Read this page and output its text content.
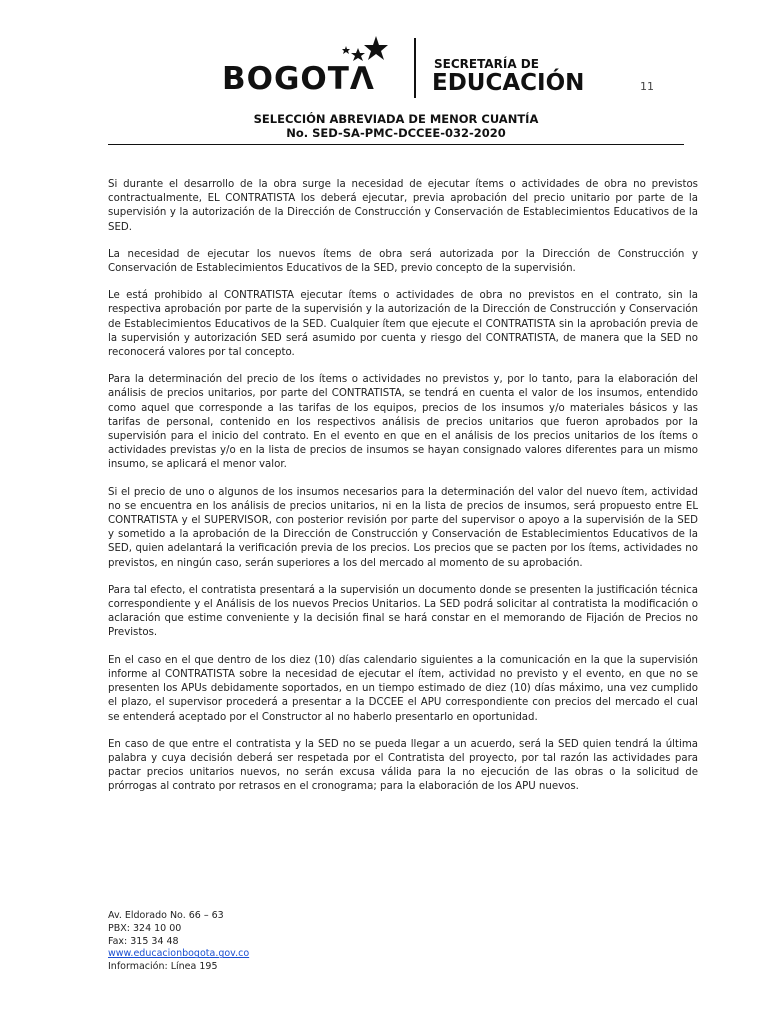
BOGOTΛ	SECRETARÍA DE
EDUCACIÓN	11
SELECCIÓN ABREVIADA DE MENOR CUANTÍA
No. SED-SA-PMC-DCCEE-032-2020

Si durante el desarrollo de la obra surge la necesidad de ejecutar ítems o actividades de obra no previstos contractualmente, EL CONTRATISTA los deberá ejecutar, previa aprobación del precio unitario por parte de la supervisión y la autorización de la Dirección de Construcción y Conservación de Establecimientos Educativos de la SED.

La necesidad de ejecutar los nuevos ítems de obra será autorizada por la Dirección de Construcción y Conservación de Establecimientos Educativos de la SED, previo concepto de la supervisión.

Le está prohibido al CONTRATISTA ejecutar ítems o actividades de obra no previstos en el contrato, sin la respectiva aprobación por parte de la supervisión y la autorización de la Dirección de Construcción y Conservación de Establecimientos Educativos de la SED. Cualquier ítem que ejecute el CONTRATISTA sin la aprobación previa de la supervisión y autorización SED será asumido por cuenta y riesgo del CONTRATISTA, de manera que la SED no reconocerá valores por tal concepto.

Para la determinación del precio de los ítems o actividades no previstos y, por lo tanto, para la elaboración del análisis de precios unitarios, por parte del CONTRATISTA, se tendrá en cuenta el valor de los insumos, entendido como aquel que corresponde a las tarifas de los equipos, precios de los insumos y/o materiales básicos y las tarifas de personal, contenido en los respectivos análisis de precios unitarios que fueron aprobados por la supervisión para el inicio del contrato. En el evento en que en el análisis de los precios unitarios de los ítems o actividades previstas y/o en la lista de precios de insumos se hayan consignado valores diferentes para un mismo insumo, se aplicará el menor valor.

Si el precio de uno o algunos de los insumos necesarios para la determinación del valor del nuevo ítem, actividad no se encuentra en los análisis de precios unitarios, ni en la lista de precios de insumos, será propuesto entre EL CONTRATISTA y el SUPERVISOR, con posterior revisión por parte del supervisor o apoyo a la supervisión de la SED y sometido a la aprobación de la Dirección de Construcción y Conservación de Establecimientos Educativos de la SED, quien adelantará la verificación previa de los precios. Los precios que se pacten por los ítems, actividades no previstos, en ningún caso, serán superiores a los del mercado al momento de su aprobación.

Para tal efecto, el contratista presentará a la supervisión un documento donde se presenten la justificación técnica correspondiente y el Análisis de los nuevos Precios Unitarios. La SED podrá solicitar al contratista la modificación o aclaración que estime conveniente y la decisión final se hará constar en el memorando de Fijación de Precios no Previstos.

En el caso en el que dentro de los diez (10) días calendario siguientes a la comunicación en la que la supervisión informe al CONTRATISTA sobre la necesidad de ejecutar el ítem, actividad no previsto y el evento, en que no se presenten los APUs debidamente soportados, en un tiempo estimado de diez (10) días máximo, una vez cumplido el plazo, el supervisor procederá a presentar a la DCCEE el APU correspondiente con precios del mercado el cual se entenderá aceptado por el Constructor al no haberlo presentarlo en oportunidad.

En caso de que entre el contratista y la SED no se pueda llegar a un acuerdo, será la SED quien tendrá la última palabra y cuya decisión deberá ser respetada por el Contratista del proyecto, por tal razón las actividades para pactar precios unitarios nuevos, no serán excusa válida para la no ejecución de las obras o la solicitud de prórrogas al contrato por retrasos en el cronograma; para la elaboración de los APU nuevos.

Av. Eldorado No. 66 – 63
PBX: 324 10 00
Fax: 315 34 48
www.educacionbogota.gov.co
Información: Línea 195
